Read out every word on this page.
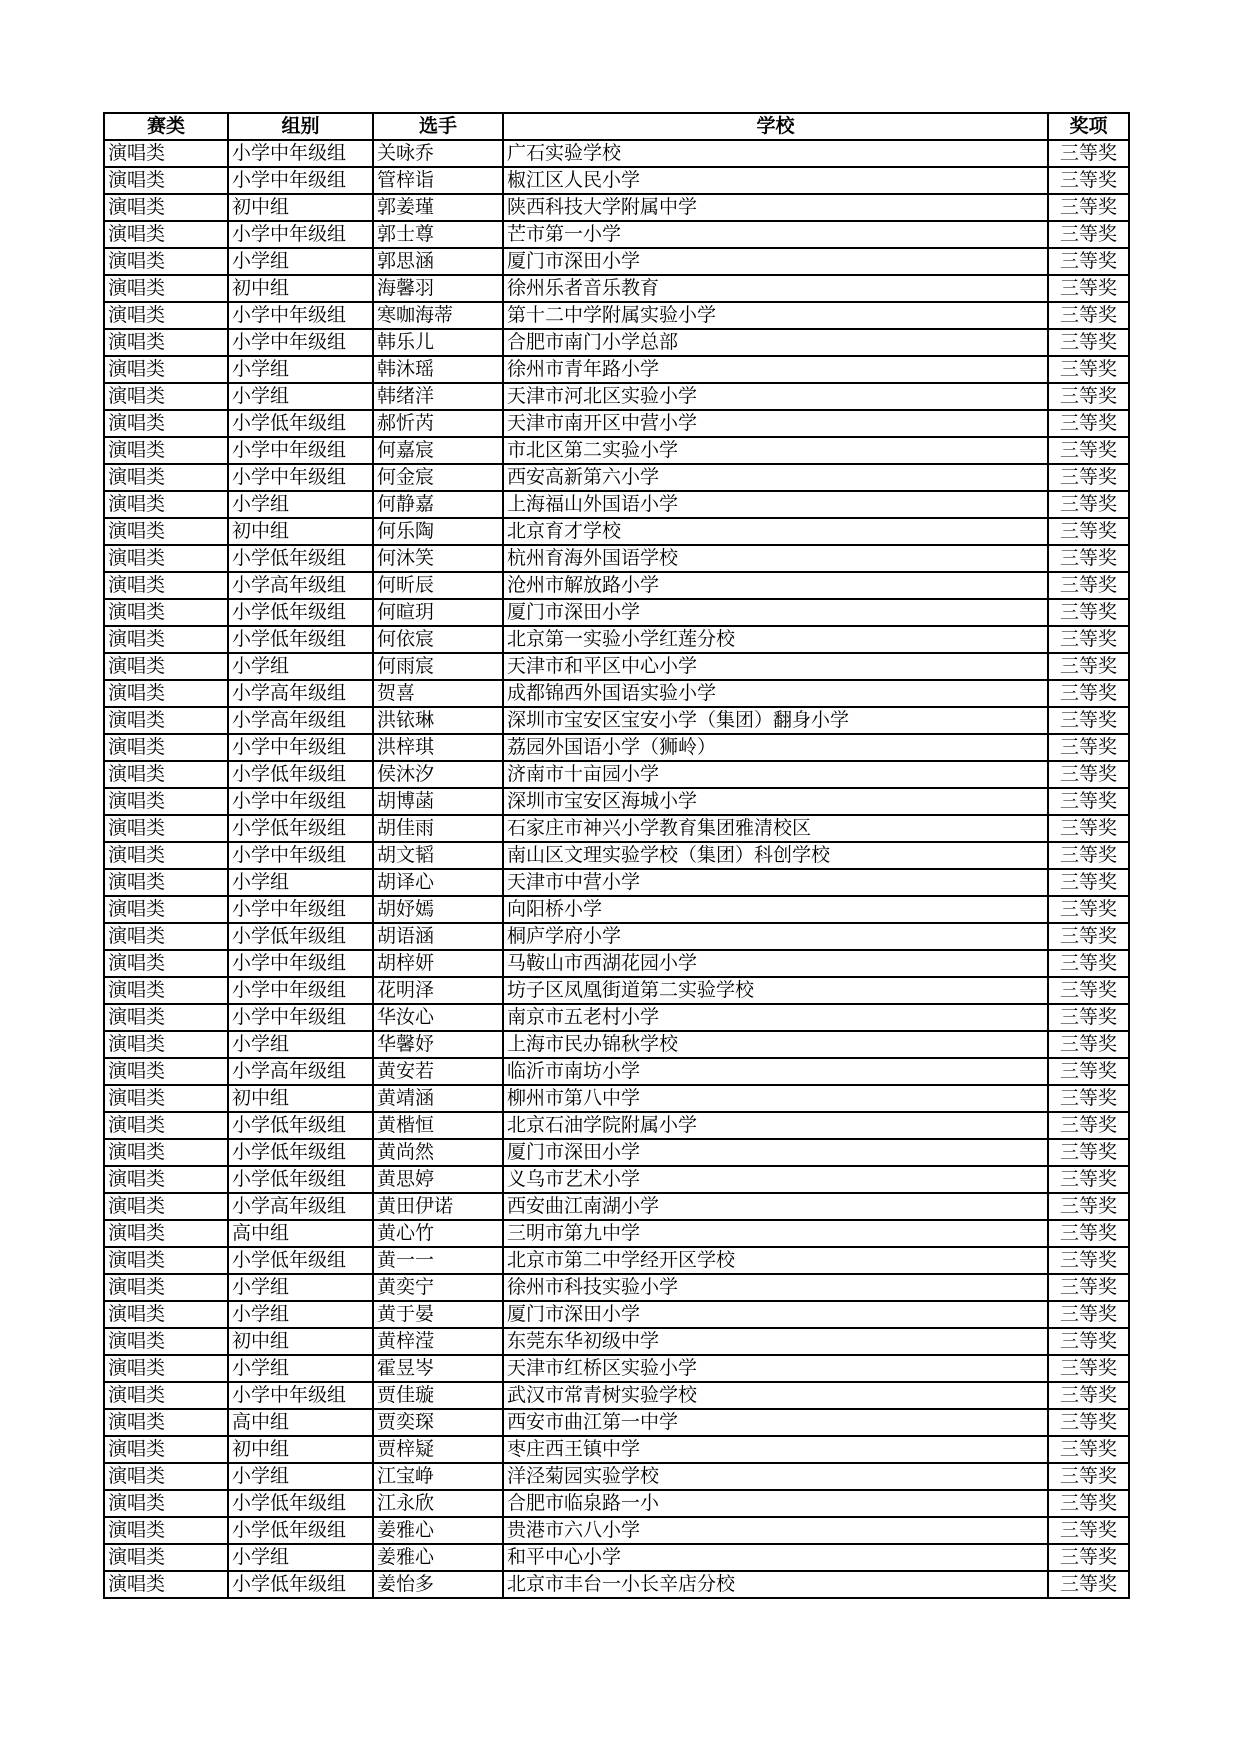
赛类	组别	选手	学校	奖项
演唱类	小学中年级组	关咏乔	广石实验学校	三等奖
演唱类	小学中年级组	管梓诣	椒江区人民小学	三等奖
演唱类	初中组	郭姜瑾	陕西科技大学附属中学	三等奖
演唱类	小学中年级组	郭士尊	芒市第一小学	三等奖
演唱类	小学组	郭思涵	厦门市深田小学	三等奖
演唱类	初中组	海馨羽	徐州乐者音乐教育	三等奖
演唱类	小学中年级组	寒咖海蒂	第十二中学附属实验小学	三等奖
演唱类	小学中年级组	韩乐儿	合肥市南门小学总部	三等奖
演唱类	小学组	韩沐瑶	徐州市青年路小学	三等奖
演唱类	小学组	韩绪洋	天津市河北区实验小学	三等奖
演唱类	小学低年级组	郝忻芮	天津市南开区中营小学	三等奖
演唱类	小学中年级组	何嘉宸	市北区第二实验小学	三等奖
演唱类	小学中年级组	何金宸	西安高新第六小学	三等奖
演唱类	小学组	何静嘉	上海福山外国语小学	三等奖
演唱类	初中组	何乐陶	北京育才学校	三等奖
演唱类	小学低年级组	何沐笑	杭州育海外国语学校	三等奖
演唱类	小学高年级组	何昕辰	沧州市解放路小学	三等奖
演唱类	小学低年级组	何暄玥	厦门市深田小学	三等奖
演唱类	小学低年级组	何依宸	北京第一实验小学红莲分校	三等奖
演唱类	小学组	何雨宸	天津市和平区中心小学	三等奖
演唱类	小学高年级组	贺喜	成都锦西外国语实验小学	三等奖
演唱类	小学高年级组	洪铱琳	深圳市宝安区宝安小学（集团）翻身小学	三等奖
演唱类	小学中年级组	洪梓琪	荔园外国语小学（狮岭）	三等奖
演唱类	小学低年级组	侯沐汐	济南市十亩园小学	三等奖
演唱类	小学中年级组	胡博菡	深圳市宝安区海城小学	三等奖
演唱类	小学低年级组	胡佳雨	石家庄市神兴小学教育集团雅清校区	三等奖
演唱类	小学中年级组	胡文韬	南山区文理实验学校（集团）科创学校	三等奖
演唱类	小学组	胡译心	天津市中营小学	三等奖
演唱类	小学中年级组	胡妤嫣	向阳桥小学	三等奖
演唱类	小学低年级组	胡语涵	桐庐学府小学	三等奖
演唱类	小学中年级组	胡梓妍	马鞍山市西湖花园小学	三等奖
演唱类	小学中年级组	花明泽	坊子区凤凰街道第二实验学校	三等奖
演唱类	小学中年级组	华汝心	南京市五老村小学	三等奖
演唱类	小学组	华馨妤	上海市民办锦秋学校	三等奖
演唱类	小学高年级组	黄安若	临沂市南坊小学	三等奖
演唱类	初中组	黄靖涵	柳州市第八中学	三等奖
演唱类	小学低年级组	黄楷恒	北京石油学院附属小学	三等奖
演唱类	小学低年级组	黄尚然	厦门市深田小学	三等奖
演唱类	小学低年级组	黄思婷	义乌市艺术小学	三等奖
演唱类	小学高年级组	黄田伊诺	西安曲江南湖小学	三等奖
演唱类	高中组	黄心竹	三明市第九中学	三等奖
演唱类	小学低年级组	黄一一	北京市第二中学经开区学校	三等奖
演唱类	小学组	黄奕宁	徐州市科技实验小学	三等奖
演唱类	小学组	黄于晏	厦门市深田小学	三等奖
演唱类	初中组	黄梓滢	东莞东华初级中学	三等奖
演唱类	小学组	霍昱岑	天津市红桥区实验小学	三等奖
演唱类	小学中年级组	贾佳璇	武汉市常青树实验学校	三等奖
演唱类	高中组	贾奕琛	西安市曲江第一中学	三等奖
演唱类	初中组	贾梓疑	枣庄西王镇中学	三等奖
演唱类	小学组	江宝峥	洋泾菊园实验学校	三等奖
演唱类	小学低年级组	江永欣	合肥市临泉路一小	三等奖
演唱类	小学低年级组	姜雅心	贵港市六八小学	三等奖
演唱类	小学组	姜雅心	和平中心小学	三等奖
演唱类	小学低年级组	姜怡多	北京市丰台一小长辛店分校	三等奖
